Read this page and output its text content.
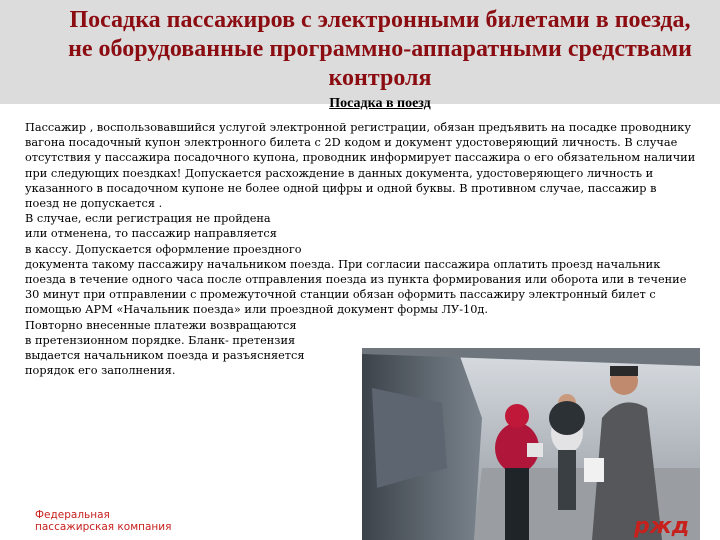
Посадка пассажиров с электронными билетами в поезда, не оборудованные программно-аппаратными средствами контроля
Посадка в поезд
Пассажир , воспользовавшийся услугой электронной регистрации, обязан предъявить на посадке проводнику
вагона посадочный купон электронного билета с 2D кодом и документ удостоверяющий личность. В случае
отсутствия у пассажира посадочного купона, проводник информирует пассажира о его обязательном наличии
при следующих поездках! Допускается расхождение в данных документа, удостоверяющего личность и
указанного в посадочном купоне не более одной цифры и одной буквы. В противном случае, пассажир в
поезд не допускается .
В случае, если регистрация не пройдена
или отменена, то пассажир направляется
в кассу. Допускается оформление проездного
документа такому пассажиру начальником поезда. При согласии пассажира оплатить проезд начальник
поезда в течение одного часа после отправления поезда из пункта формирования или оборота или в течение
30 минут при отправлении с промежуточной станции обязан оформить пассажиру электронный билет с
помощью АРМ «Начальник поезда» или проездной документ формы ЛУ-10д.
Повторно внесенные платежи возвращаются
в претензионном порядке. Бланк- претензия
выдается начальником поезда и разъясняется
порядок его заполнения.
Федеральная
пассажирская компания	ржд
